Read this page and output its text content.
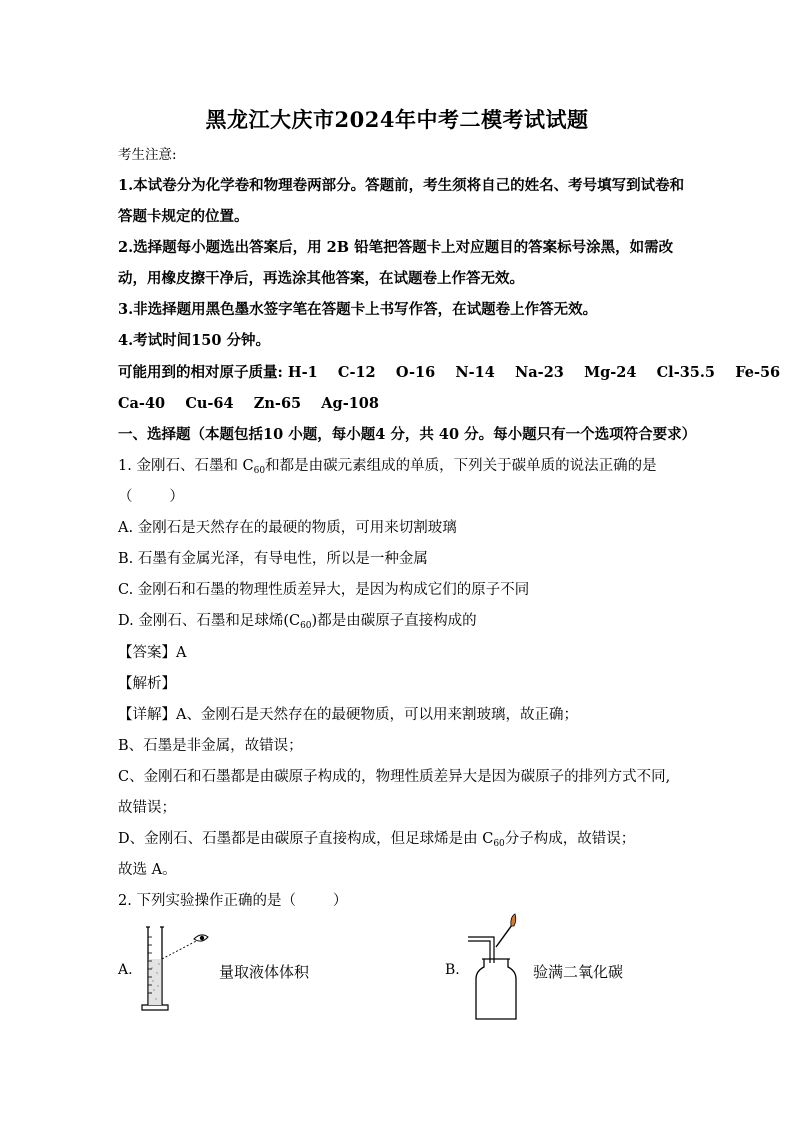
黑龙江大庆市2024年中考二模考试试题
考生注意:
1.本试卷分为化学卷和物理卷两部分。答题前，考生须将自己的姓名、考号填写到试卷和
答题卡规定的位置。
2.选择题每小题选出答案后，用 2B 铅笔把答题卡上对应题目的答案标号涂黑，如需改
动，用橡皮擦干净后，再选涂其他答案，在试题卷上作答无效。
3.非选择题用黑色墨水签字笔在答题卡上书写作答，在试题卷上作答无效。
4.考试时间150 分钟。
可能用到的相对原子质量: H-1    C-12    O-16    N-14    Na-23    Mg-24    Cl-35.5    Fe-56
Ca-40    Cu-64    Zn-65    Ag-108
一、选择题（本题包括10 小题，每小题4 分，共 40 分。每小题只有一个选项符合要求）
1. 金刚石、石墨和 $C_{60}$和都是由碳元素组成的单质，下列关于碳单质的说法正确的是
（        ）
A. 金刚石是天然存在的最硬的物质，可用来切割玻璃
B. 石墨有金属光泽，有导电性，所以是一种金属
C. 金刚石和石墨的物理性质差异大，是因为构成它们的原子不同
D. 金刚石、石墨和足球烯$(C_{60})$都是由碳原子直接构成的
【答案】A
【解析】
【详解】A、金刚石是天然存在的最硬物质，可以用来割玻璃，故正确；
B、石墨是非金属，故错误；
C、金刚石和石墨都是由碳原子构成的，物理性质差异大是因为碳原子的排列方式不同,
故错误；
D、金刚石、石墨都是由碳原子直接构成，但足球烯是由 $C_{60}$分子构成，故错误；
故选 A。
2. 下列实验操作正确的是（        ）
A.	量取液体体积	B.	验满二氧化碳
